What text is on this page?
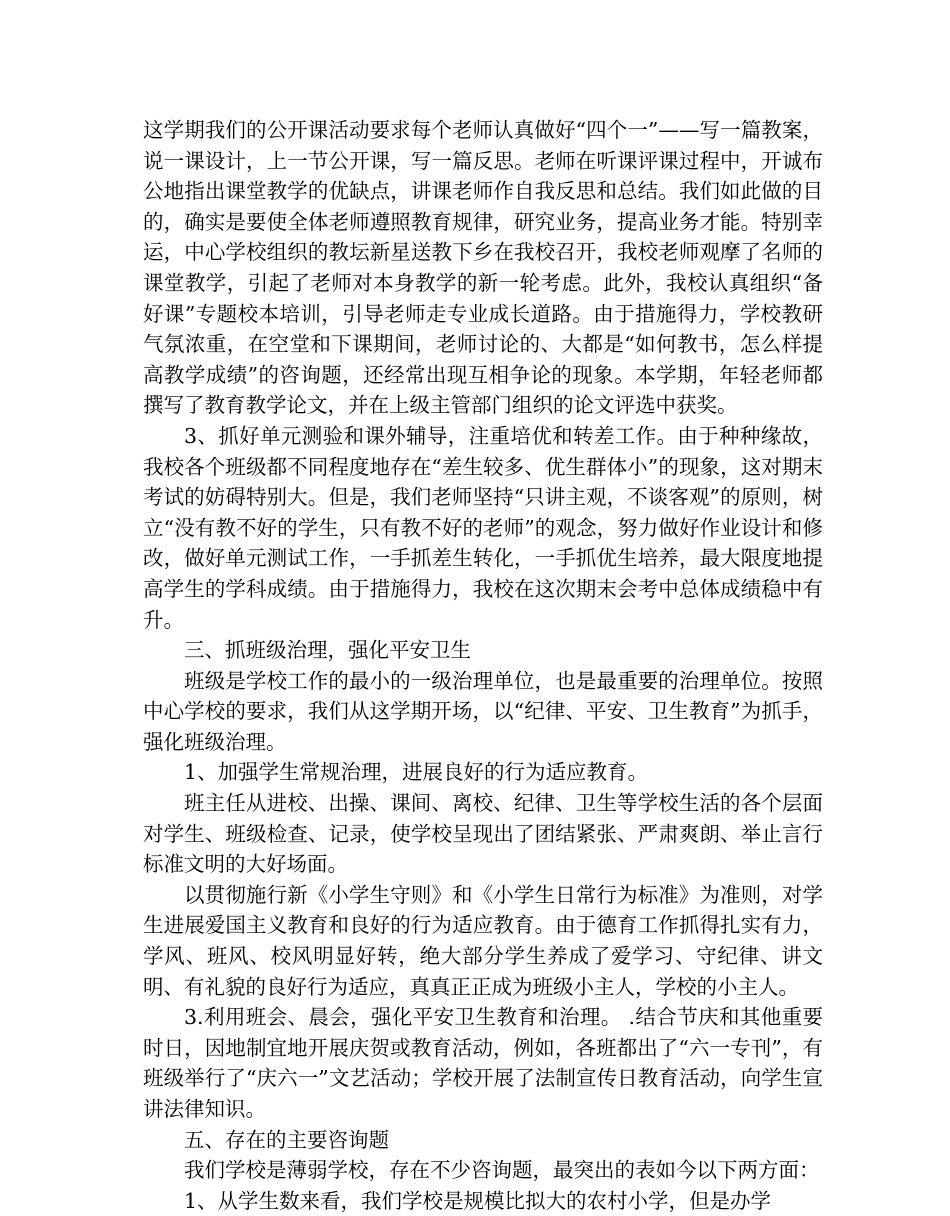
这学期我们的公开课活动要求每个老师认真做好“四个一”——写一篇教案，说一课设计，上一节公开课，写一篇反思。老师在听课评课过程中，开诚布公地指出课堂教学的优缺点，讲课老师作自我反思和总结。我们如此做的目的，确实是要使全体老师遵照教育规律，研究业务，提高业务才能。特别幸运，中心学校组织的教坛新星送教下乡在我校召开，我校老师观摩了名师的课堂教学，引起了老师对本身教学的新一轮考虑。此外，我校认真组织“备好课”专题校本培训，引导老师走专业成长道路。由于措施得力，学校教研气氛浓重，在空堂和下课期间，老师讨论的、大都是“如何教书，怎么样提高教学成绩”的咨询题，还经常出现互相争论的现象。本学期，年轻老师都撰写了教育教学论文，并在上级主管部门组织的论文评选中获奖。

3、抓好单元测验和课外辅导，注重培优和转差工作。由于种种缘故，我校各个班级都不同程度地存在“差生较多、优生群体小”的现象，这对期末考试的妨碍特别大。但是，我们老师坚持“只讲主观，不谈客观”的原则，树立“没有教不好的学生，只有教不好的老师”的观念，努力做好作业设计和修改，做好单元测试工作，一手抓差生转化，一手抓优生培养，最大限度地提高学生的学科成绩。由于措施得力，我校在这次期末会考中总体成绩稳中有升。

三、抓班级治理，强化平安卫生

班级是学校工作的最小的一级治理单位，也是最重要的治理单位。按照中心学校的要求，我们从这学期开场，以“纪律、平安、卫生教育”为抓手，强化班级治理。

1、加强学生常规治理，进展良好的行为适应教育。

班主任从进校、出操、课间、离校、纪律、卫生等学校生活的各个层面对学生、班级检查、记录，使学校呈现出了团结紧张、严肃爽朗、举止言行标准文明的大好场面。

以贯彻施行新《小学生守则》和《小学生日常行为标准》为准则，对学生进展爱国主义教育和良好的行为适应教育。由于德育工作抓得扎实有力，学风、班风、校风明显好转，绝大部分学生养成了爱学习、守纪律、讲文明、有礼貌的良好行为适应，真真正正成为班级小主人，学校的小主人。

3.利用班会、晨会，强化平安卫生教育和治理。 .结合节庆和其他重要时日，因地制宜地开展庆贺或教育活动，例如，各班都出了“六一专刊”，有班级举行了“庆六一”文艺活动；学校开展了法制宣传日教育活动，向学生宣讲法律知识。

五、存在的主要咨询题

我们学校是薄弱学校，存在不少咨询题，最突出的表如今以下两方面：

1、从学生数来看，我们学校是规模比拟大的农村小学，但是办学
